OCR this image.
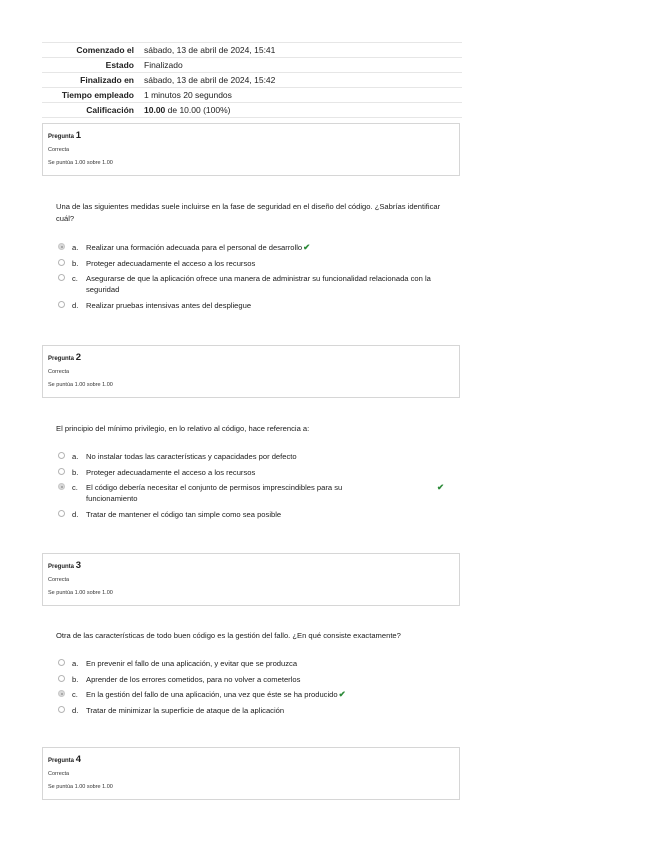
Comenzado el	sábado, 13 de abril de 2024, 15:41
Estado	Finalizado
Finalizado en	sábado, 13 de abril de 2024, 15:42
Tiempo empleado	1 minutos 20 segundos
Calificación	10.00 de 10.00 (100%)
Pregunta 1
Correcta
Se puntúa 1.00 sobre 1.00
Una de las siguientes medidas suele incluirse en la fase de seguridad en el diseño del código. ¿Sabrías identificar cuál?
a. Realizar una formación adecuada para el personal de desarrollo✔
b. Proteger adecuadamente el acceso a los recursos
c. Asegurarse de que la aplicación ofrece una manera de administrar su funcionalidad relacionada con la seguridad
d. Realizar pruebas intensivas antes del despliegue
Pregunta 2
Correcta
Se puntúa 1.00 sobre 1.00
El principio del mínimo privilegio, en lo relativo al código, hace referencia a:
a. No instalar todas las características y capacidades por defecto
b. Proteger adecuadamente el acceso a los recursos
c. El código debería necesitar el conjunto de permisos imprescindibles para su funcionamiento
✔
d. Tratar de mantener el código tan simple como sea posible
Pregunta 3
Correcta
Se puntúa 1.00 sobre 1.00
Otra de las características de todo buen código es la gestión del fallo. ¿En qué consiste exactamente?
a. En prevenir el fallo de una aplicación, y evitar que se produzca
b. Aprender de los errores cometidos, para no volver a cometerlos
c. En la gestión del fallo de una aplicación, una vez que éste se ha producido✔
d. Tratar de minimizar la superficie de ataque de la aplicación
Pregunta 4
Correcta
Se puntúa 1.00 sobre 1.00
